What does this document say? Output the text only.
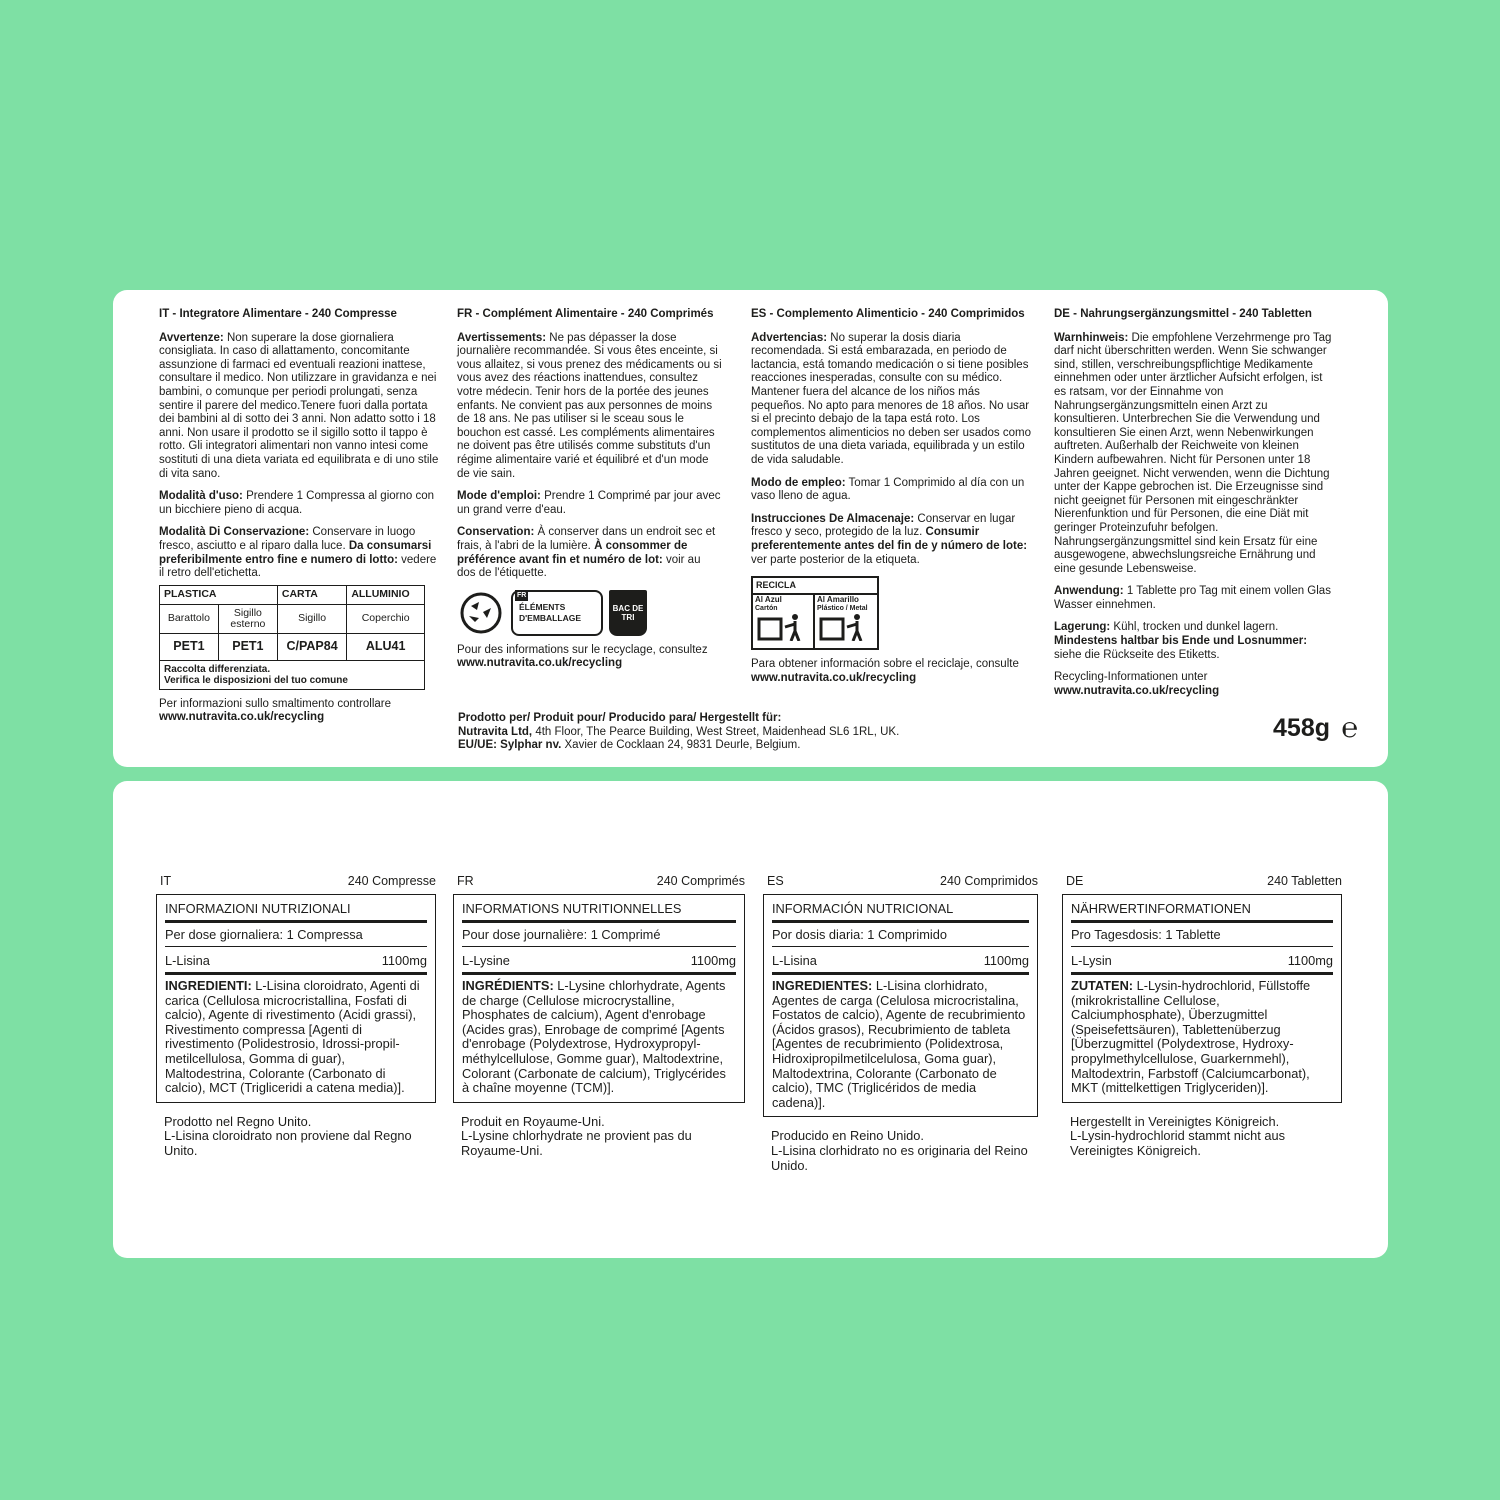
IT - Integratore Alimentare - 240 Compresse

Avvertenze: Non superare la dose giornaliera consigliata. In caso di allattamento, concomitante assunzione di farmaci ed eventuali reazioni inattese, consultare il medico. Non utilizzare in gravidanza e nei bambini, o comunque per periodi prolungati, senza sentire il parere del medico.Tenere fuori dalla portata dei bambini al di sotto dei 3 anni. Non adatto sotto i 18 anni. Non usare il prodotto se il sigillo sotto il tappo è rotto. Gli integratori alimentari non vanno intesi come sostituti di una dieta variata ed equilibrata e di uno stile di vita sano.

Modalità d'uso: Prendere 1 Compressa al giorno con un bicchiere pieno di acqua.

Modalità Di Conservazione: Conservare in luogo fresco, asciutto e al riparo dalla luce. Da consumarsi preferibilmente entro fine e numero di lotto: vedere il retro dell'etichetta.

PLASTICA		CARTA	ALLUMINIO
Barattolo	Sigillo esterno	Sigillo	Coperchio
PET1	PET1	C/PAP84	ALU41
Raccolta differenziata.
Verifica le disposizioni del tuo comune			
Per informazioni sullo smaltimento controllare
www.nutravita.co.uk/recycling
FR - Complément Alimentaire - 240 Comprimés

Avertissements: Ne pas dépasser la dose journalière recommandée. Si vous êtes enceinte, si vous allaitez, si vous prenez des médicaments ou si vous avez des réactions inattendues, consultez votre médecin. Tenir hors de la portée des jeunes enfants. Ne convient pas aux personnes de moins de 18 ans. Ne pas utiliser si le sceau sous le bouchon est cassé. Les compléments alimentaires ne doivent pas être utilisés comme substituts d'un régime alimentaire varié et équilibré et d'un mode de vie sain.

Mode d'emploi: Prendre 1 Comprimé par jour avec un grand verre d'eau.

Conservation: À conserver dans un endroit sec et frais, à l'abri de la lumière. À consommer de préférence avant fin et numéro de lot: voir au dos de l'étiquette.

FR
ÉLÉMENTS D'EMBALLAGE
BAC DE TRI
Pour des informations sur le recyclage, consultez www.nutravita.co.uk/recycling
ES - Complemento Alimenticio - 240 Comprimidos

Advertencias: No superar la dosis diaria recomendada. Si está embarazada, en periodo de lactancia, está tomando medicación o si tiene posibles reacciones inesperadas, consulte con su médico. Mantener fuera del alcance de los niños más pequeños. No apto para menores de 18 años. No usar si el precinto debajo de la tapa está roto. Los complementos alimenticios no deben ser usados como sustitutos de una dieta variada, equilibrada y un estilo de vida saludable.

Modo de empleo: Tomar 1 Comprimido al día con un vaso lleno de agua.

Instrucciones De Almacenaje: Conservar en lugar fresco y seco, protegido de la luz. Consumir preferentemente antes del fin de y número de lote: ver parte posterior de la etiqueta.

RECICLA
Al Azul
Cartón
Al Amarillo
Plástico / Metal
Para obtener información sobre el reciclaje, consulte www.nutravita.co.uk/recycling
DE - Nahrungsergänzungsmittel - 240 Tabletten

Warnhinweis: Die empfohlene Verzehrmenge pro Tag darf nicht überschritten werden. Wenn Sie schwanger sind, stillen, verschreibungspflichtige Medikamente einnehmen oder unter ärztlicher Aufsicht erfolgen, ist es ratsam, vor der Einnahme von Nahrungsergänzungsmitteln einen Arzt zu konsultieren. Unterbrechen Sie die Verwendung und konsultieren Sie einen Arzt, wenn Nebenwirkungen auftreten. Außerhalb der Reichweite von kleinen Kindern aufbewahren. Nicht für Personen unter 18 Jahren geeignet. Nicht verwenden, wenn die Dichtung unter der Kappe gebrochen ist. Die Erzeugnisse sind nicht geeignet für Personen mit eingeschränkter Nierenfunktion und für Personen, die eine Diät mit geringer Proteinzufuhr befolgen. Nahrungsergänzungsmittel sind kein Ersatz für eine ausgewogene, abwechslungsreiche Ernährung und eine gesunde Lebensweise.

Anwendung: 1 Tablette pro Tag mit einem vollen Glas Wasser einnehmen.

Lagerung: Kühl, trocken und dunkel lagern.
Mindestens haltbar bis Ende und Losnummer: siehe die Rückseite des Etiketts.

Recycling-Informationen unter
www.nutravita.co.uk/recycling
Prodotto per/ Produit pour/ Producido para/ Hergestellt für:
Nutravita Ltd, 4th Floor, The Pearce Building, West Street, Maidenhead SL6 1RL, UK.
EU/UE: Sylphar nv. Xavier de Cocklaan 24, 9831 Deurle, Belgium.
458g ℮
IT	240 Compresse
INFORMAZIONI NUTRIZIONALI
Per dose giornaliera: 1 Compressa
L-Lisina	1100mg
INGREDIENTI: L-Lisina cloroidrato, Agenti di carica (Cellulosa microcristallina, Fosfati di calcio), Agente di rivestimento (Acidi grassi), Rivestimento compressa [Agenti di rivestimento (Polidestrosio, Idrossi-propil-metilcellulosa, Gomma di guar), Maltodestrina, Colorante (Carbonato di calcio), MCT (Trigliceridi a catena media)].
Prodotto nel Regno Unito.
L-Lisina cloroidrato non proviene dal Regno Unito.
FR	240 Comprimés
INFORMATIONS NUTRITIONNELLES
Pour dose journalière: 1 Comprimé
L-Lysine	1100mg
INGRÉDIENTS: L-Lysine chlorhydrate, Agents de charge (Cellulose microcrystalline, Phosphates de calcium), Agent d'enrobage (Acides gras), Enrobage de comprimé [Agents d'enrobage (Polydextrose, Hydroxypropyl-méthylcellulose, Gomme guar), Maltodextrine, Colorant (Carbonate de calcium), Triglycérides à chaîne moyenne (TCM)].
Produit en Royaume-Uni.
L-Lysine chlorhydrate ne provient pas du Royaume-Uni.
ES	240 Comprimidos
INFORMACIÓN NUTRICIONAL
Por dosis diaria: 1 Comprimido
L-Lisina	1100mg
INGREDIENTES: L-Lisina clorhidrato, Agentes de carga (Celulosa microcristalina, Fostatos de calcio), Agente de recubrimiento (Ácidos grasos), Recubrimiento de tableta [Agentes de recubrimiento (Polidextrosa, Hidroxipropilmetilcelulosa, Goma guar), Maltodextrina, Colorante (Carbonato de calcio), TMC (Triglicéridos de media cadena)].
Producido en Reino Unido.
L-Lisina clorhidrato no es originaria del Reino Unido.
DE	240 Tabletten
NÄHRWERTINFORMATIONEN
Pro Tagesdosis: 1 Tablette
L-Lysin	1100mg
ZUTATEN: L-Lysin-hydrochlorid, Füllstoffe (mikrokristalline Cellulose, Calciumphosphate), Überzugmittel (Speisefettsäuren), Tablettenüberzug [Überzugmittel (Polydextrose, Hydroxy-propylmethylcellulose, Guarkernmehl), Maltodextrin, Farbstoff (Calciumcarbonat), MKT (mittelkettigen Triglyceriden)].
Hergestellt in Vereinigtes Königreich.
L-Lysin-hydrochlorid stammt nicht aus Vereinigtes Königreich.
